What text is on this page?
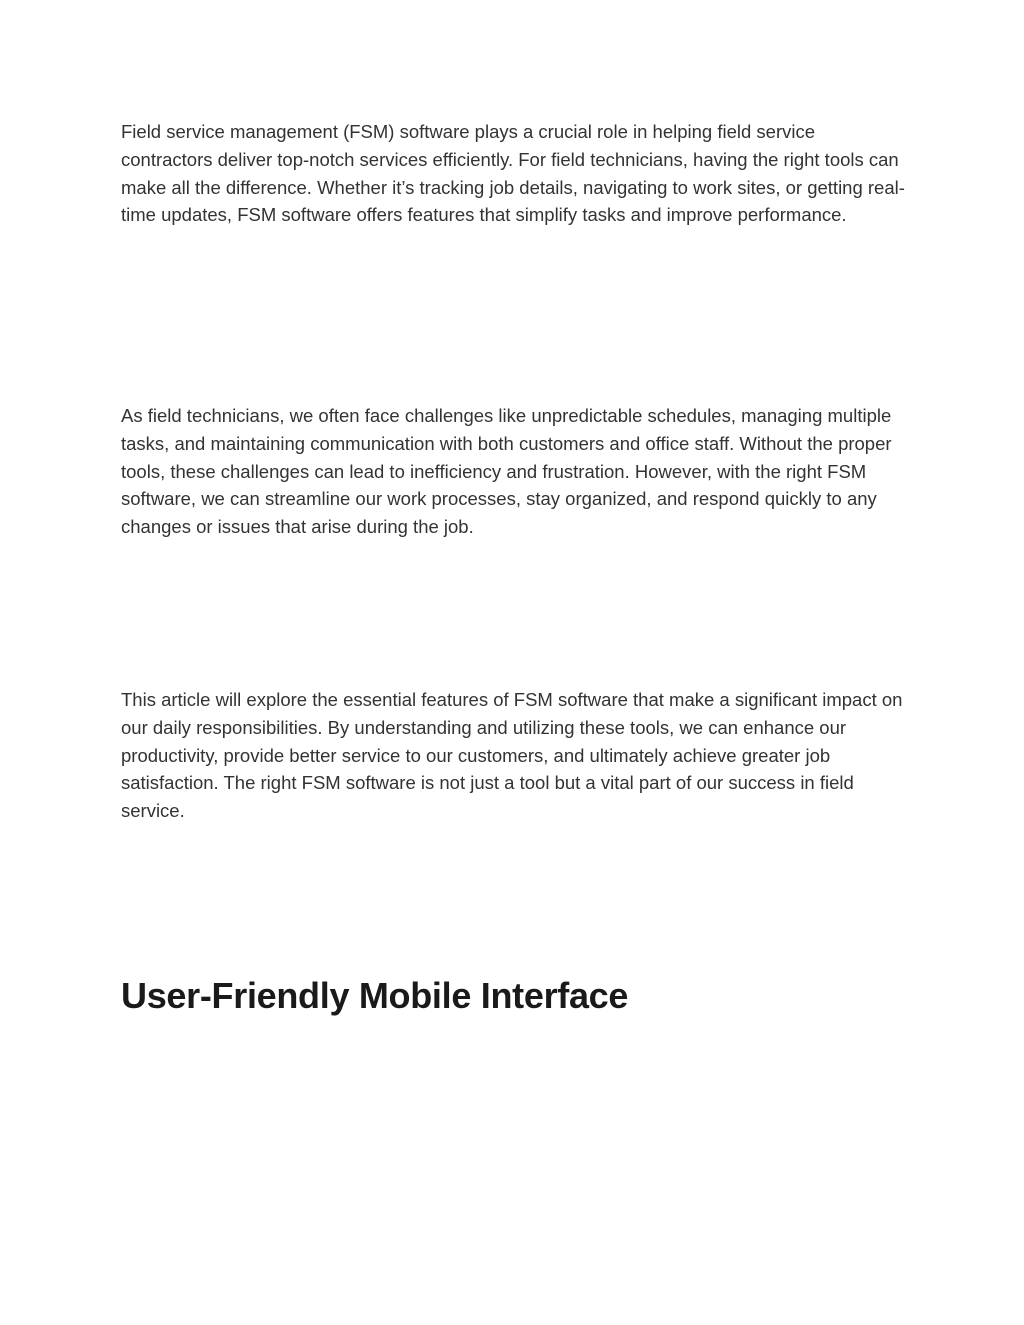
Field service management (FSM) software plays a crucial role in helping field service contractors deliver top-notch services efficiently. For field technicians, having the right tools can make all the difference. Whether it’s tracking job details, navigating to work sites, or getting real-time updates, FSM software offers features that simplify tasks and improve performance.

As field technicians, we often face challenges like unpredictable schedules, managing multiple tasks, and maintaining communication with both customers and office staff. Without the proper tools, these challenges can lead to inefficiency and frustration. However, with the right FSM software, we can streamline our work processes, stay organized, and respond quickly to any changes or issues that arise during the job.

This article will explore the essential features of FSM software that make a significant impact on our daily responsibilities. By understanding and utilizing these tools, we can enhance our productivity, provide better service to our customers, and ultimately achieve greater job satisfaction. The right FSM software is not just a tool but a vital part of our success in field service.

User-Friendly Mobile Interface
